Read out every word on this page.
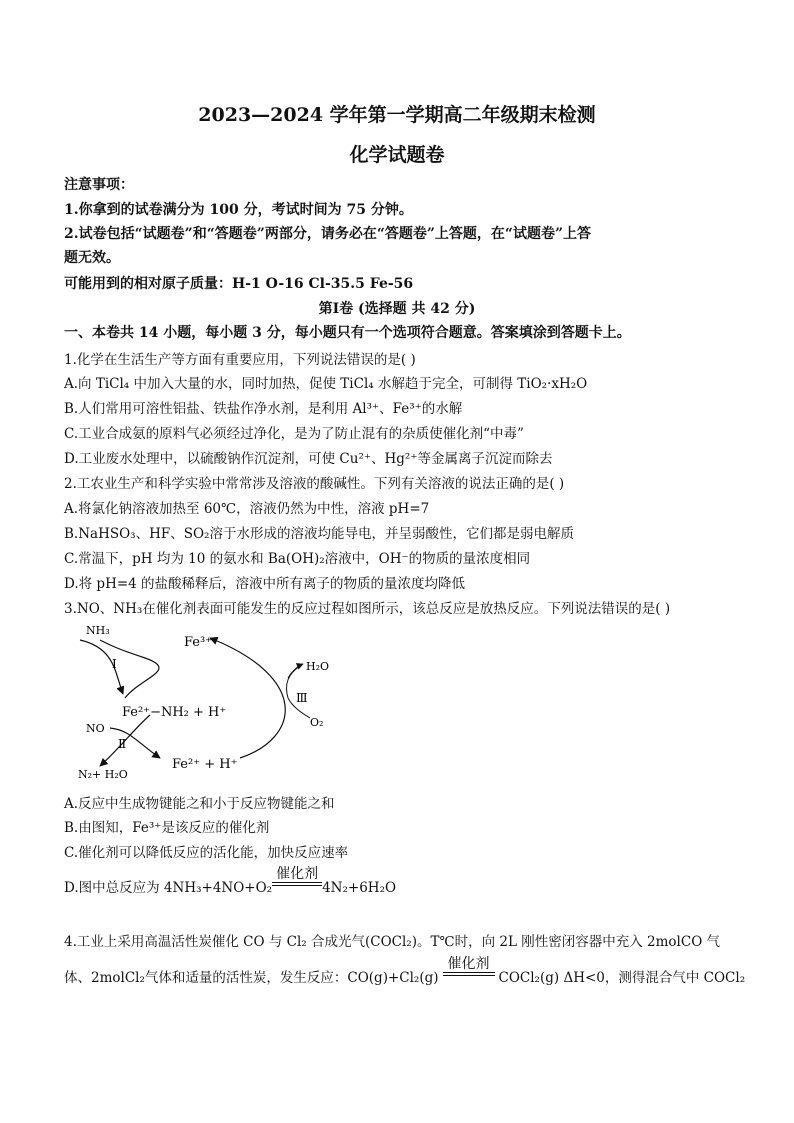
2023—2024 学年第一学期高二年级期末检测
化学试题卷
注意事项：
1.你拿到的试卷满分为 100 分，考试时间为 75 分钟。
2.试卷包括“试题卷”和“答题卷”两部分，请务必在“答题卷”上答题，在“试题卷”上答
题无效。
可能用到的相对原子质量：H-1 O-16 Cl-35.5 Fe-56
第Ⅰ卷 (选择题 共 42 分)
一、本卷共 14 小题，每小题 3 分，每小题只有一个选项符合题意。答案填涂到答题卡上。
1.化学在生活生产等方面有重要应用，下列说法错误的是( )
A.向 TiCl₄ 中加入大量的水，同时加热，促使 TiCl₄ 水解趋于完全，可制得 TiO₂·xH₂O
B.人们常用可溶性铝盐、铁盐作净水剂，是利用 Al³⁺、Fe³⁺的水解
C.工业合成氨的原料气必须经过净化，是为了防止混有的杂质使催化剂“中毒”
D.工业废水处理中，以硫酸钠作沉淀剂，可使 Cu²⁺、Hg²⁺等金属离子沉淀而除去
2.工农业生产和科学实验中常常涉及溶液的酸碱性。下列有关溶液的说法正确的是( )
A.将氯化钠溶液加热至 60℃，溶液仍然为中性，溶液 pH=7
B.NaHSO₃、HF、SO₂溶于水形成的溶液均能导电，并呈弱酸性，它们都是弱电解质
C.常温下，pH 均为 10 的氨水和 Ba(OH)₂溶液中，OH⁻的物质的量浓度相同
D.将 pH=4 的盐酸稀释后，溶液中所有离子的物质的量浓度均降低
3.NO、NH₃在催化剂表面可能发生的反应过程如图所示，该总反应是放热反应。下列说法错误的是( )
NH₃
Fe³⁺
Ⅰ
Fe²⁺−NH₂ + H⁺
NO
Ⅱ
N₂+ H₂O
Fe²⁺ + H⁺
H₂O
Ⅲ
O₂
A.反应中生成物键能之和小于反应物键能之和
B.由图知，Fe³⁺是该反应的催化剂
C.催化剂可以降低反应的活化能，加快反应速率
D.图中总反应为 4NH₃+4NO+O₂
催化剂
4N₂+6H₂O
4.工业上采用高温活性炭催化 CO 与 Cl₂ 合成光气(COCl₂)。T℃时，向 2L 刚性密闭容器中充入 2molCO 气
体、2molCl₂气体和适量的活性炭，发生反应：CO(g)+Cl₂(g)
催化剂
COCl₂(g) ΔH<0，测得混合气中 COCl₂
